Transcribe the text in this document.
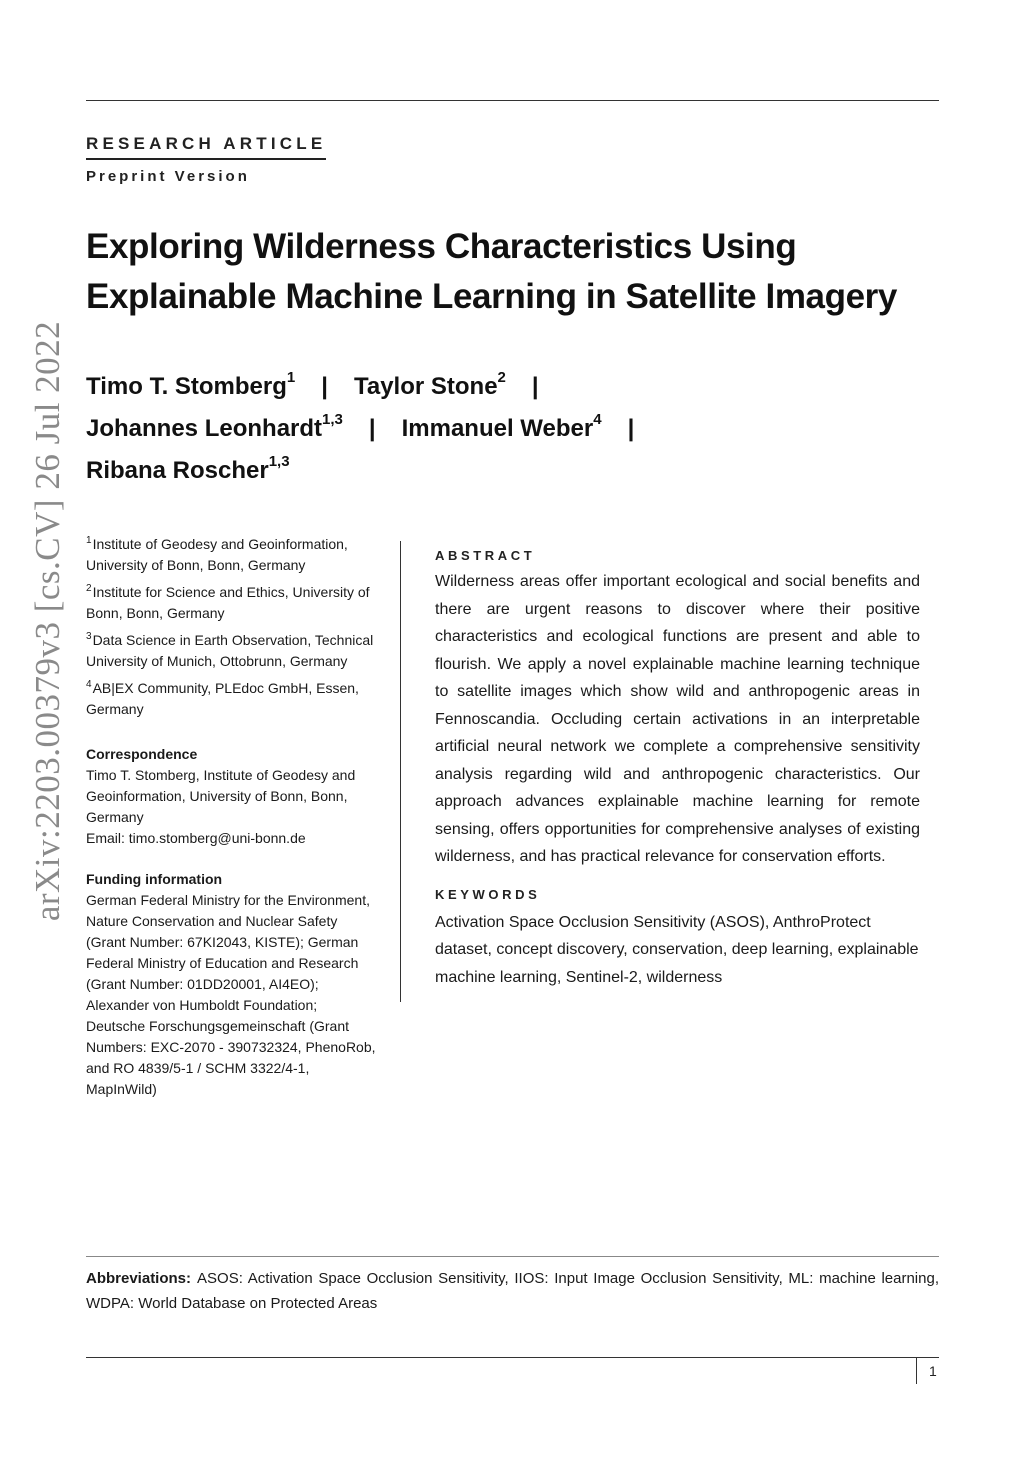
RESEARCH ARTICLE
Preprint Version
arXiv:2203.00379v3 [cs.CV] 26 Jul 2022
Exploring Wilderness Characteristics Using Explainable Machine Learning in Satellite Imagery
Timo T. Stomberg$^1$ | Taylor Stone$^2$ |
Johannes Leonhardt$^{1,3}$ | Immanuel Weber$^4$ |
Ribana Roscher$^{1,3}$
$^1$Institute of Geodesy and Geoinformation, University of Bonn, Bonn, Germany
$^2$Institute for Science and Ethics, University of Bonn, Bonn, Germany
$^3$Data Science in Earth Observation, Technical University of Munich, Ottobrunn, Germany
$^4$AB|EX Community, PLEdoc GmbH, Essen, Germany
Correspondence
Timo T. Stomberg, Institute of Geodesy and Geoinformation, University of Bonn, Bonn, Germany
Email: timo.stomberg@uni-bonn.de
Funding information
German Federal Ministry for the Environment, Nature Conservation and Nuclear Safety (Grant Number: 67KI2043, KISTE); German Federal Ministry of Education and Research (Grant Number: 01DD20001, AI4EO); Alexander von Humboldt Foundation; Deutsche Forschungsgemeinschaft (Grant Numbers: EXC-2070 - 390732324, PhenoRob, and RO 4839/5-1 / SCHM 3322/4-1, MapInWild)
ABSTRACT
Wilderness areas offer important ecological and social benefits and there are urgent reasons to discover where their positive characteristics and ecological functions are present and able to flourish. We apply a novel explainable machine learning technique to satellite images which show wild and anthropogenic areas in Fennoscandia. Occluding certain activations in an interpretable artificial neural network we complete a comprehensive sensitivity analysis regarding wild and anthropogenic characteristics. Our approach advances explainable machine learning for remote sensing, offers opportunities for comprehensive analyses of existing wilderness, and has practical relevance for conservation efforts.
KEYWORDS
Activation Space Occlusion Sensitivity (ASOS), AnthroProtect dataset, concept discovery, conservation, deep learning, explainable machine learning, Sentinel-2, wilderness
Abbreviations: ASOS: Activation Space Occlusion Sensitivity, IIOS: Input Image Occlusion Sensitivity, ML: machine learning, WDPA: World Database on Protected Areas
1
